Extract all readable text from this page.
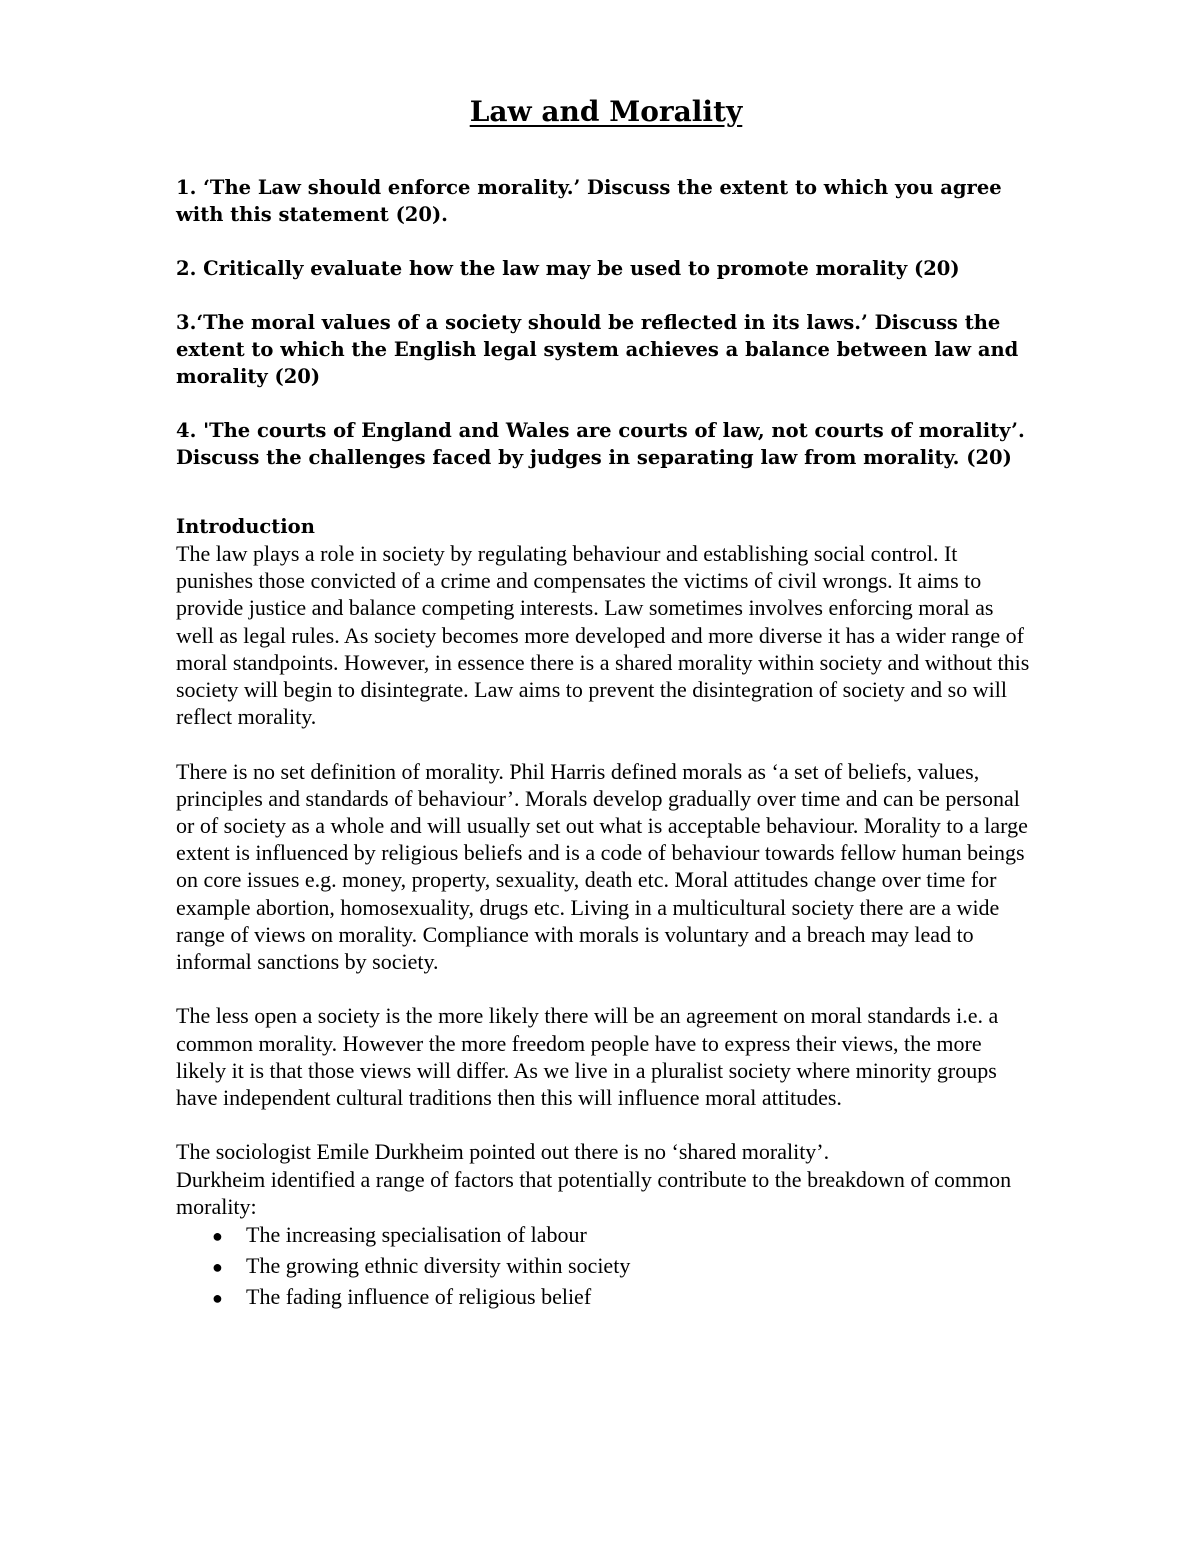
Law and Morality
1. ‘The Law should enforce morality.’ Discuss the extent to which you agree with this statement (20).
2. Critically evaluate how the law may be used to promote morality (20)
3.‘The moral values of a society should be reflected in its laws.’ Discuss the extent to which the English legal system achieves a balance between law and morality (20)
4. 'The courts of England and Wales are courts of law, not courts of morality’. Discuss the challenges faced by judges in separating law from morality. (20)
Introduction

The law plays a role in society by regulating behaviour and establishing social control. It punishes those convicted of a crime and compensates the victims of civil wrongs. It aims to provide justice and balance competing interests. Law sometimes involves enforcing moral as well as legal rules. As society becomes more developed and more diverse it has a wider range of moral standpoints. However, in essence there is a shared morality within society and without this society will begin to disintegrate. Law aims to prevent the disintegration of society and so will reflect morality.

There is no set definition of morality. Phil Harris defined morals as ‘a set of beliefs, values, principles and standards of behaviour’. Morals develop gradually over time and can be personal or of society as a whole and will usually set out what is acceptable behaviour. Morality to a large extent is influenced by religious beliefs and is a code of behaviour towards fellow human beings on core issues e.g. money, property, sexuality, death etc. Moral attitudes change over time for example abortion, homosexuality, drugs etc. Living in a multicultural society there are a wide range of views on morality. Compliance with morals is voluntary and a breach may lead to informal sanctions by society.

The less open a society is the more likely there will be an agreement on moral standards i.e. a common morality. However the more freedom people have to express their views, the more likely it is that those views will differ. As we live in a pluralist society where minority groups have independent cultural traditions then this will influence moral attitudes.

The sociologist Emile Durkheim pointed out there is no ‘shared morality’.
Durkheim identified a range of factors that potentially contribute to the breakdown of common morality:

●	The increasing specialisation of labour
●	The growing ethnic diversity within society
●	The fading influence of religious belief
